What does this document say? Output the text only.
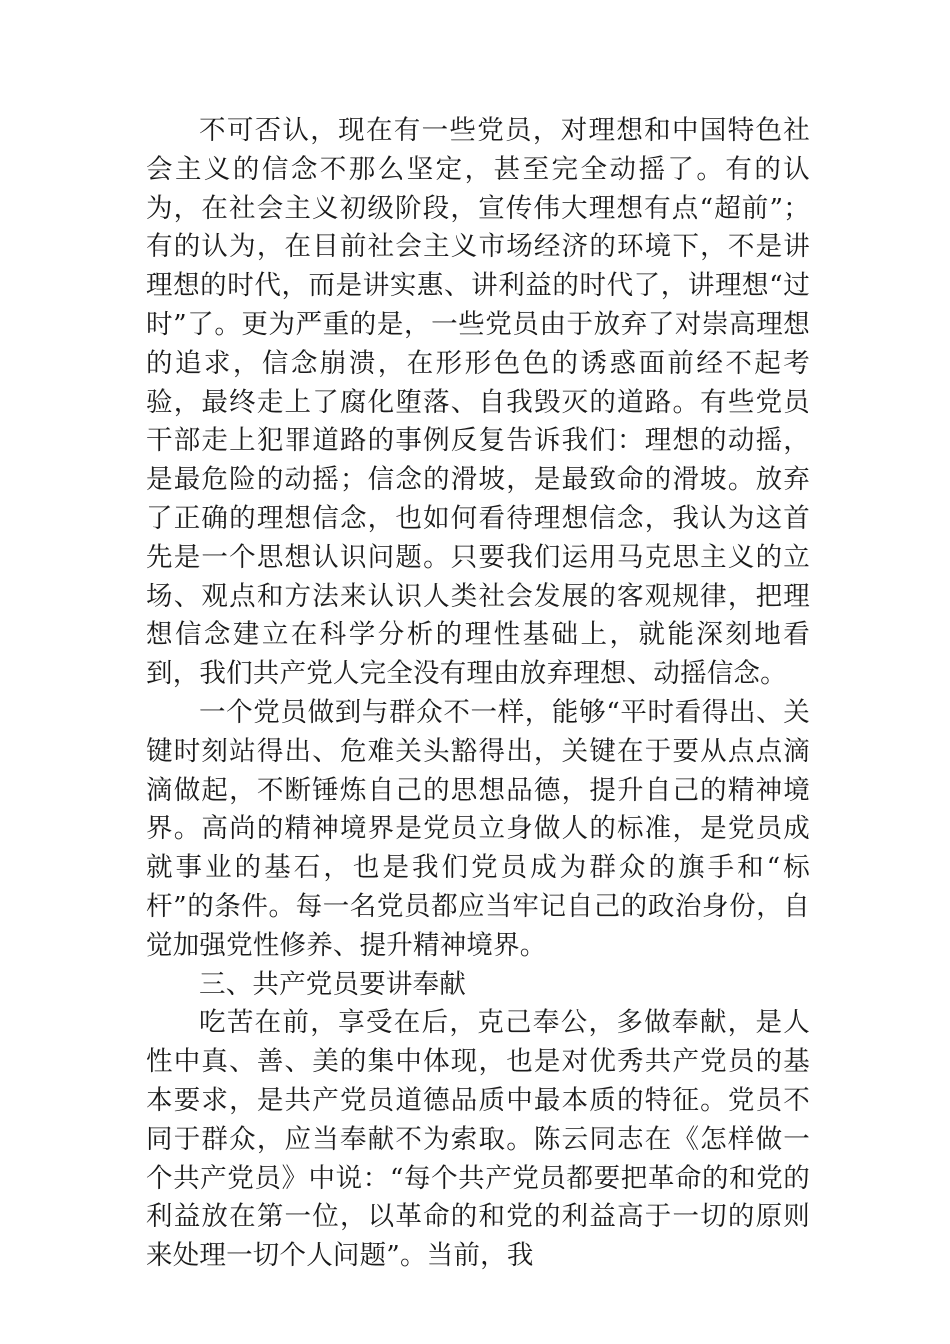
不可否认，现在有一些党员，对理想和中国特色社会主义的信念不那么坚定，甚至完全动摇了。有的认为，在社会主义初级阶段，宣传伟大理想有点“超前”；有的认为，在目前社会主义市场经济的环境下，不是讲理想的时代，而是讲实惠、讲利益的时代了，讲理想“过时”了。更为严重的是，一些党员由于放弃了对崇高理想的追求，信念崩溃，在形形色色的诱惑面前经不起考验，最终走上了腐化堕落、自我毁灭的道路。有些党员干部走上犯罪道路的事例反复告诉我们：理想的动摇，是最危险的动摇；信念的滑坡，是最致命的滑坡。放弃了正确的理想信念，也如何看待理想信念，我认为这首先是一个思想认识问题。只要我们运用马克思主义的立场、观点和方法来认识人类社会发展的客观规律，把理想信念建立在科学分析的理性基础上，就能深刻地看到，我们共产党人完全没有理由放弃理想、动摇信念。

一个党员做到与群众不一样，能够“平时看得出、关键时刻站得出、危难关头豁得出，关键在于要从点点滴滴做起，不断锤炼自己的思想品德，提升自己的精神境界。高尚的精神境界是党员立身做人的标准，是党员成就事业的基石，也是我们党员成为群众的旗手和“标杆”的条件。每一名党员都应当牢记自己的政治身份，自觉加强党性修养、提升精神境界。

三、共产党员要讲奉献

吃苦在前，享受在后，克己奉公，多做奉献，是人性中真、善、美的集中体现，也是对优秀共产党员的基本要求，是共产党员道德品质中最本质的特征。党员不同于群众，应当奉献不为索取。陈云同志在《怎样做一个共产党员》中说：“每个共产党员都要把革命的和党的利益放在第一位，以革命的和党的利益高于一切的原则来处理一切个人问题”。当前，我
